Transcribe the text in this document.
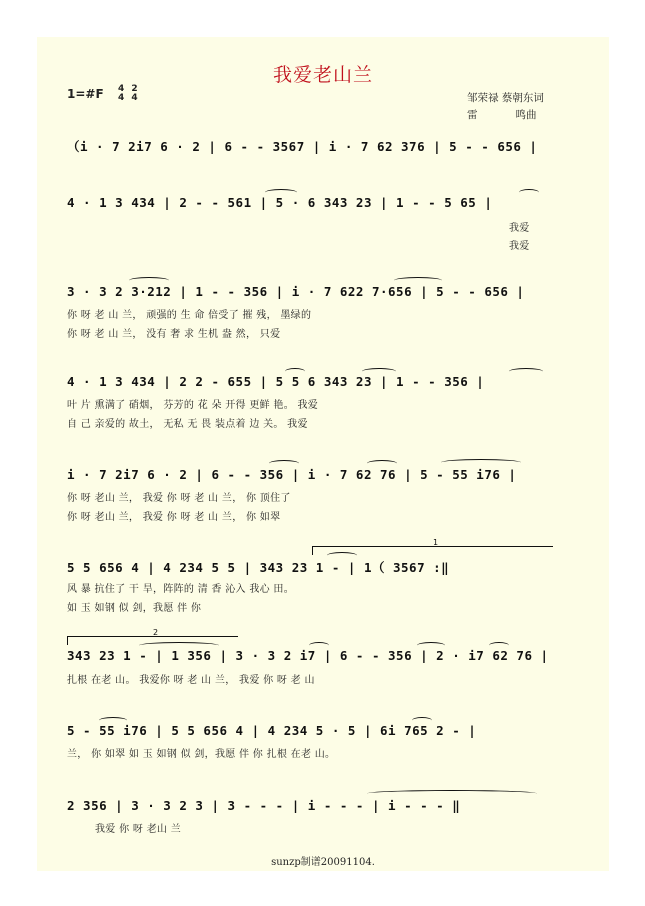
我爱老山兰
1=#F 4
4

2
4	邹荣禄 蔡朝东词
雷	鸣曲
（i · 7 2i7 6 · 2 | 6 - - 3567 | i · 7 62 376 | 5 - - 656 |
4 · 1 3 434 | 2 - - 561 | 5 · 6 343 23 | 1 - - 5 65 |
我爱
我爱
3 · 3 2 3·212 | 1 - - 356 | i · 7 622 7·656 | 5 - - 656 |
你 呀 老 山 兰， 顽强的 生 命 倍受了 摧 残， 墨绿的
你 呀 老 山 兰， 没有 奢 求 生机 盎 然， 只爱
4 · 1 3 434 | 2 2 - 655 | 5 5 6 343 23 | 1 - - 356 |
叶 片 熏满了 硝烟， 芬芳的 花 朵 开得 更鲜 艳。 我爱
自 己 亲爱的 故土， 无私 无 畏 装点着 边 关。 我爱
i · 7 2i7 6 · 2 | 6 - - 356 | i · 7 62 76 | 5 - 55 i76 |
你 呀 老山 兰， 我爱 你 呀 老 山 兰， 你 顶住了
你 呀 老山 兰， 我爱 你 呀 老 山 兰， 你 如翠
1
5 5 656 4 | 4 234 5 5 | 343 23 1 - | 1（ 3567 :‖
风 暴 抗住了 干 旱，阵阵的 清 香 沁入 我心 田。
如 玉 如钢 似 剑，我愿 伴 你
2
343 23 1 - | 1 356 | 3 · 3 2 i7 | 6 - - 356 | 2 · i7 62 76 |
扎根 在老 山。 我爱你 呀 老 山 兰， 我爱 你 呀 老 山
5 - 55 i76 | 5 5 656 4 | 4 234 5 · 5 | 6i 765 2 - |
兰， 你 如翠 如 玉 如钢 似 剑，我愿 伴 你 扎根 在老 山。
2 356 | 3 · 3 2 3 | 3 - - - | i - - - | i - - - ‖
我爱 你 呀 老山 兰
sunzp制谱20091104.
